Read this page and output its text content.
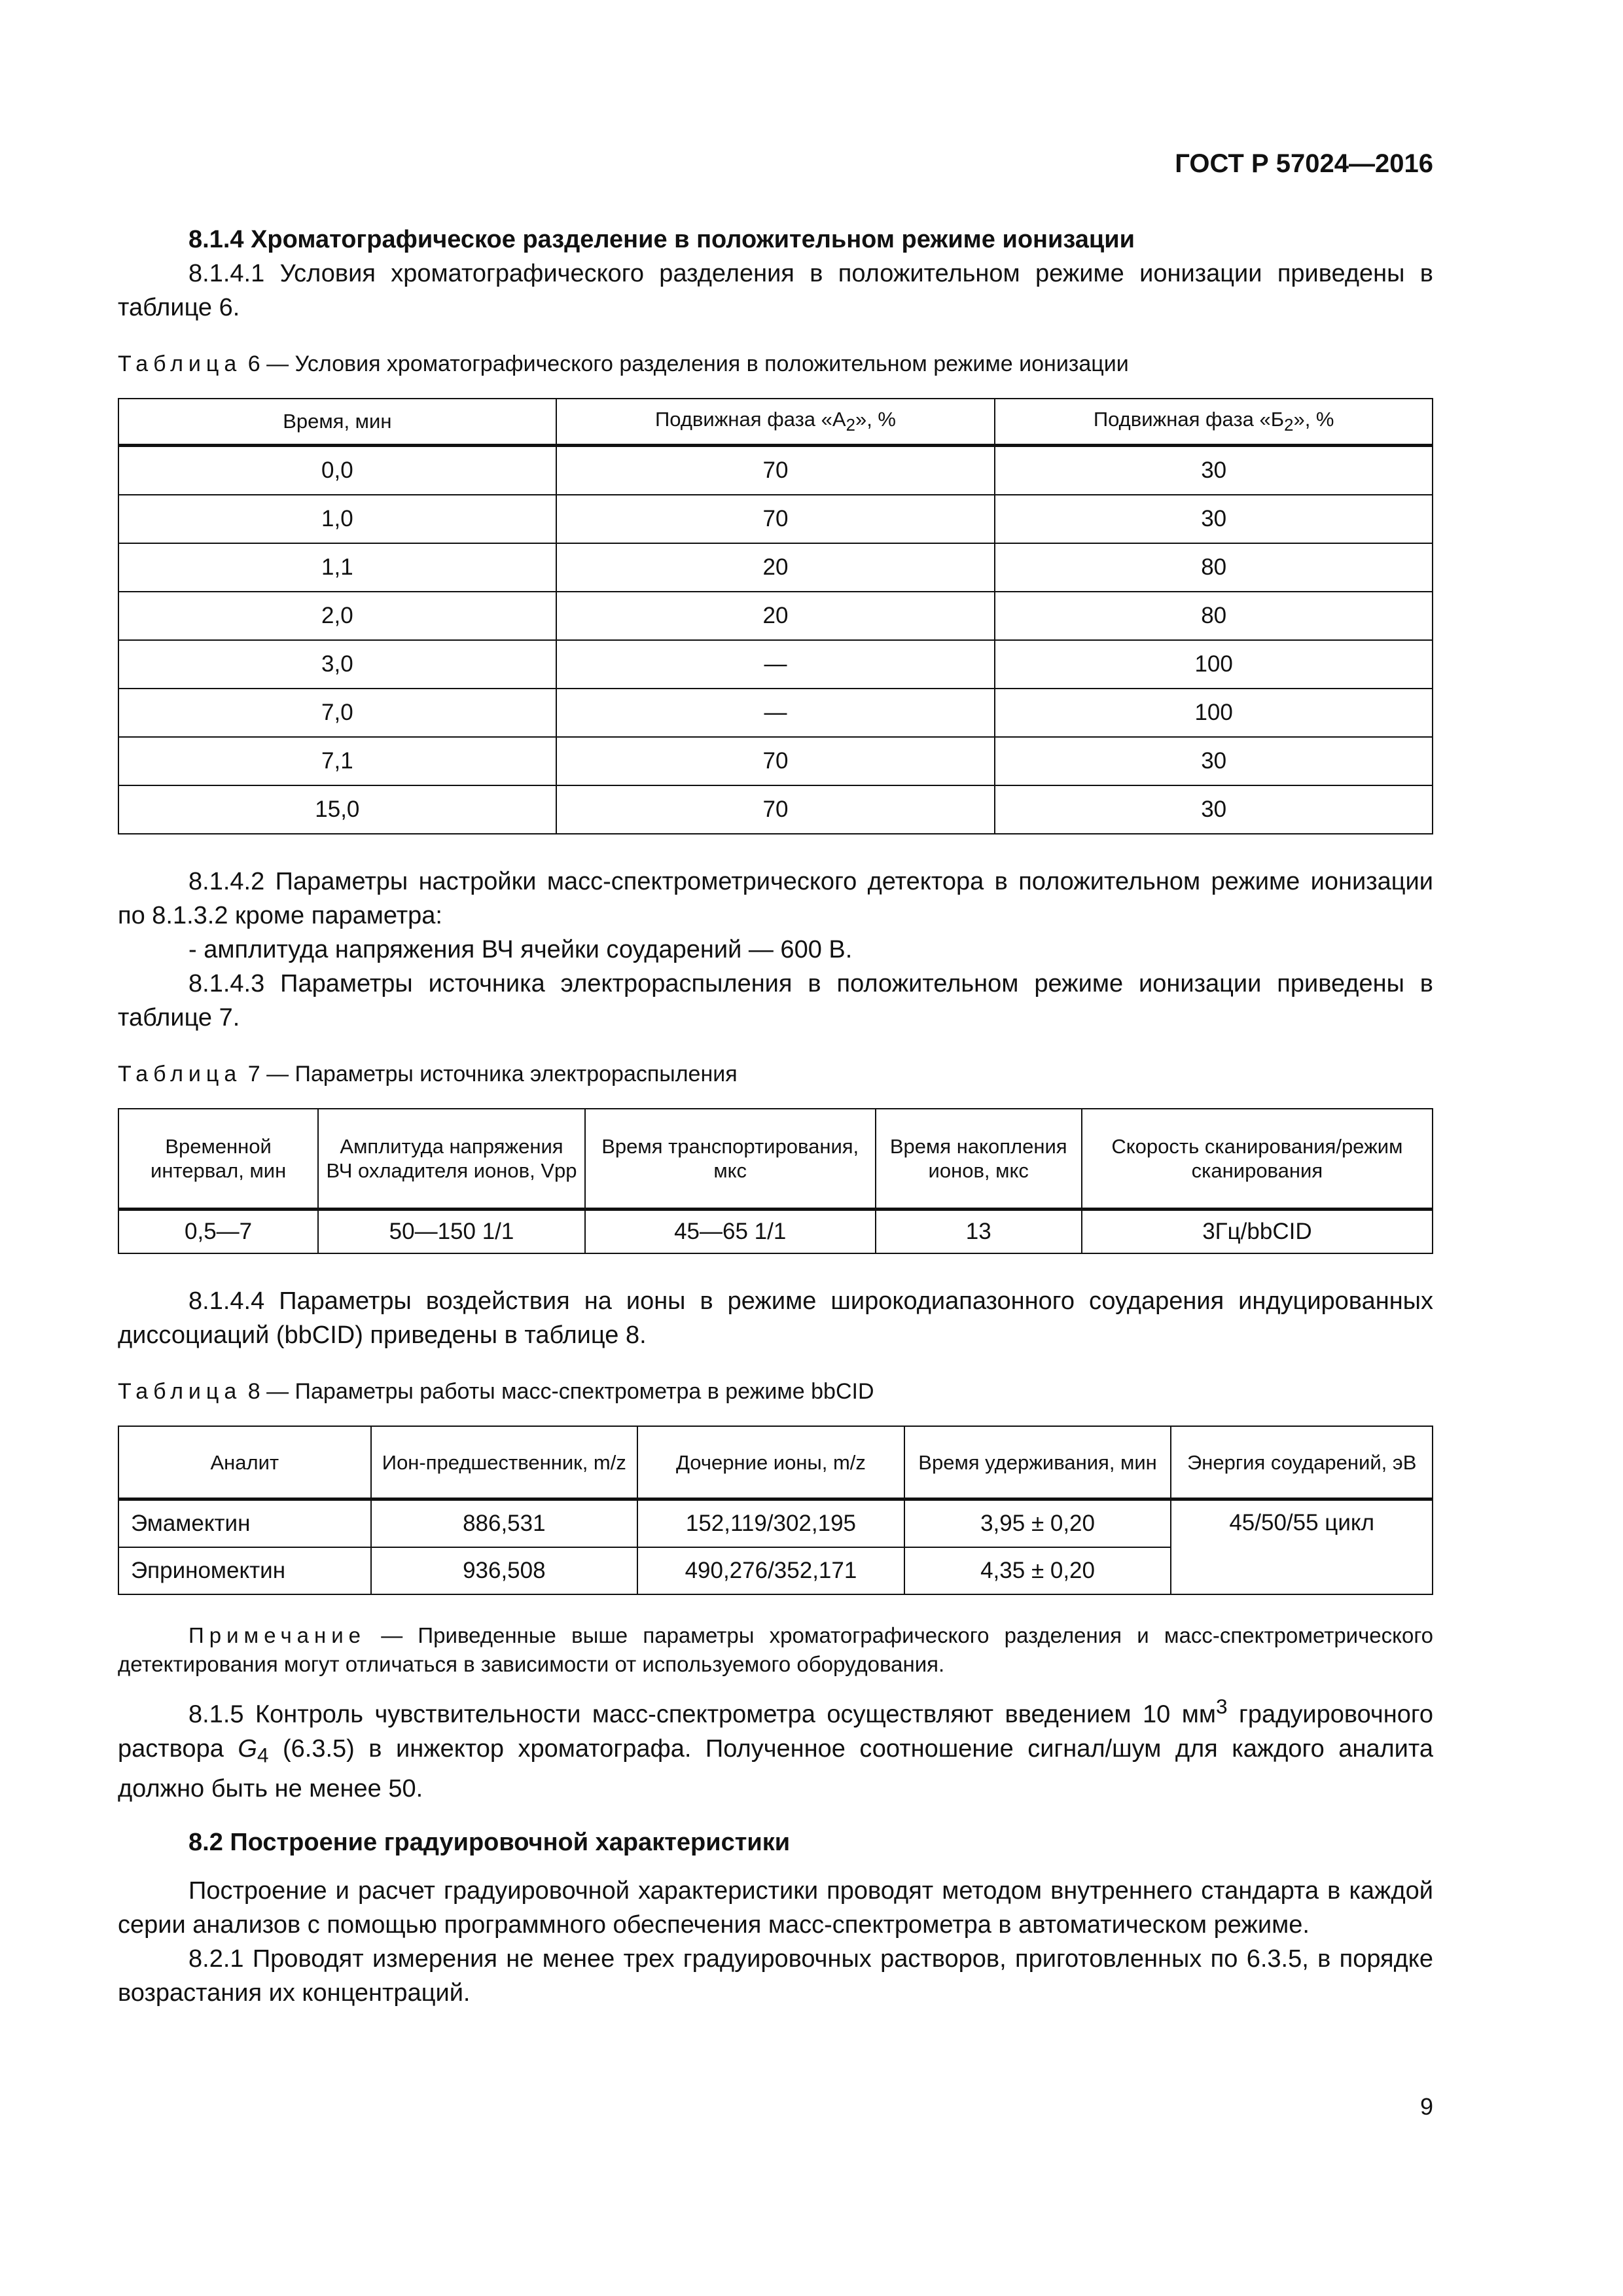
ГОСТ Р 57024—2016

8.1.4 Хроматографическое разделение в положительном режиме ионизации

8.1.4.1 Условия хроматографического разделения в положительном режиме ионизации приведены в таблице 6.

Таблица 6 — Условия хроматографического разделения в положительном режиме ионизации

Время, мин	Подвижная фаза «$А_2$», %	Подвижная фаза «$Б_2$», %
0,0	70	30
1,0	70	30
1,1	20	80
2,0	20	80
3,0	—	100
7,0	—	100
7,1	70	30
15,0	70	30

8.1.4.2 Параметры настройки масс-спектрометрического детектора в положительном режиме ионизации по 8.1.3.2 кроме параметра:

- амплитуда напряжения ВЧ ячейки соударений — 600 В.

8.1.4.3 Параметры источника электрораспыления в положительном режиме ионизации приведены в таблице 7.

Таблица 7 — Параметры источника электрораспыления

Временной интервал, мин	Амплитуда напряжения ВЧ охладителя ионов, Vpp	Время транспортирования, мкс	Время накопления ионов, мкс	Скорость сканирования/режим сканирования
0,5—7	50—150 1/1	45—65 1/1	13	3Гц/bbCID

8.1.4.4 Параметры воздействия на ионы в режиме широкодиапазонного соударения индуцированных диссоциаций (bbCID) приведены в таблице 8.

Таблица 8 — Параметры работы масс-спектрометра в режиме bbCID

Аналит	Ион-предшественник, m/z	Дочерние ионы, m/z	Время удерживания, мин	Энергия соударений, эВ
Эмамектин	886,531	152,119/302,195	3,95 ± 0,20	45/50/55 цикл
Эприномектин	936,508	490,276/352,171	4,35 ± 0,20	

Примечание — Приведенные выше параметры хроматографического разделения и масс-спектрометрического детектирования могут отличаться в зависимости от используемого оборудования.

8.1.5 Контроль чувствительности масс-спектрометра осуществляют введением 10 $мм^3$ градуировочного раствора $G_4$ (6.3.5) в инжектор хроматографа. Полученное соотношение сигнал/шум для каждого аналита должно быть не менее 50.

8.2 Построение градуировочной характеристики

Построение и расчет градуировочной характеристики проводят методом внутреннего стандарта в каждой серии анализов с помощью программного обеспечения масс-спектрометра в автоматическом режиме.

8.2.1 Проводят измерения не менее трех градуировочных растворов, приготовленных по 6.3.5, в порядке возрастания их концентраций.

9
